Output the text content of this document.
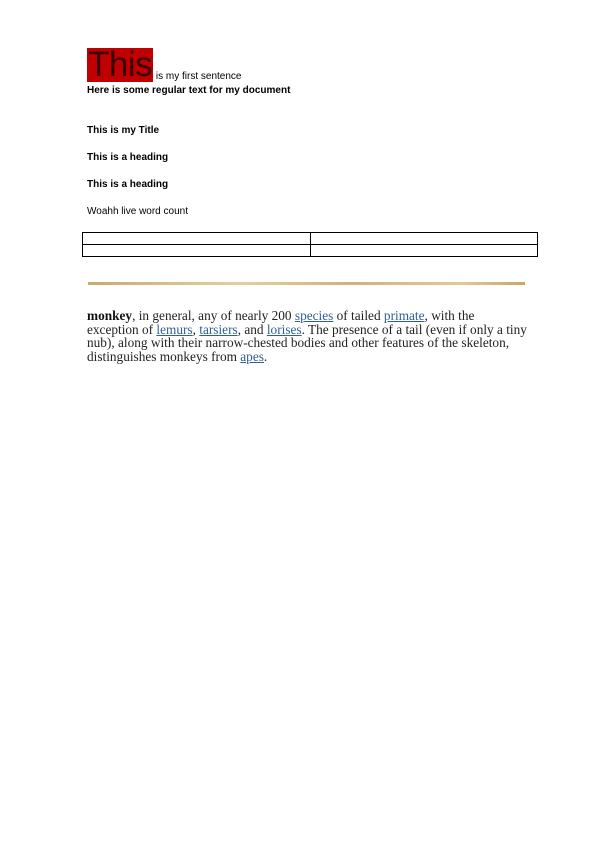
This is my first sentence
Here is some regular text for my document
This is my Title
This is a heading
This is a heading
Woahh live word count

monkey, in general, any of nearly 200 species of tailed primate, with the exception of lemurs, tarsiers, and lorises. The presence of a tail (even if only a tiny nub), along with their narrow-chested bodies and other features of the skeleton, distinguishes monkeys from apes.
